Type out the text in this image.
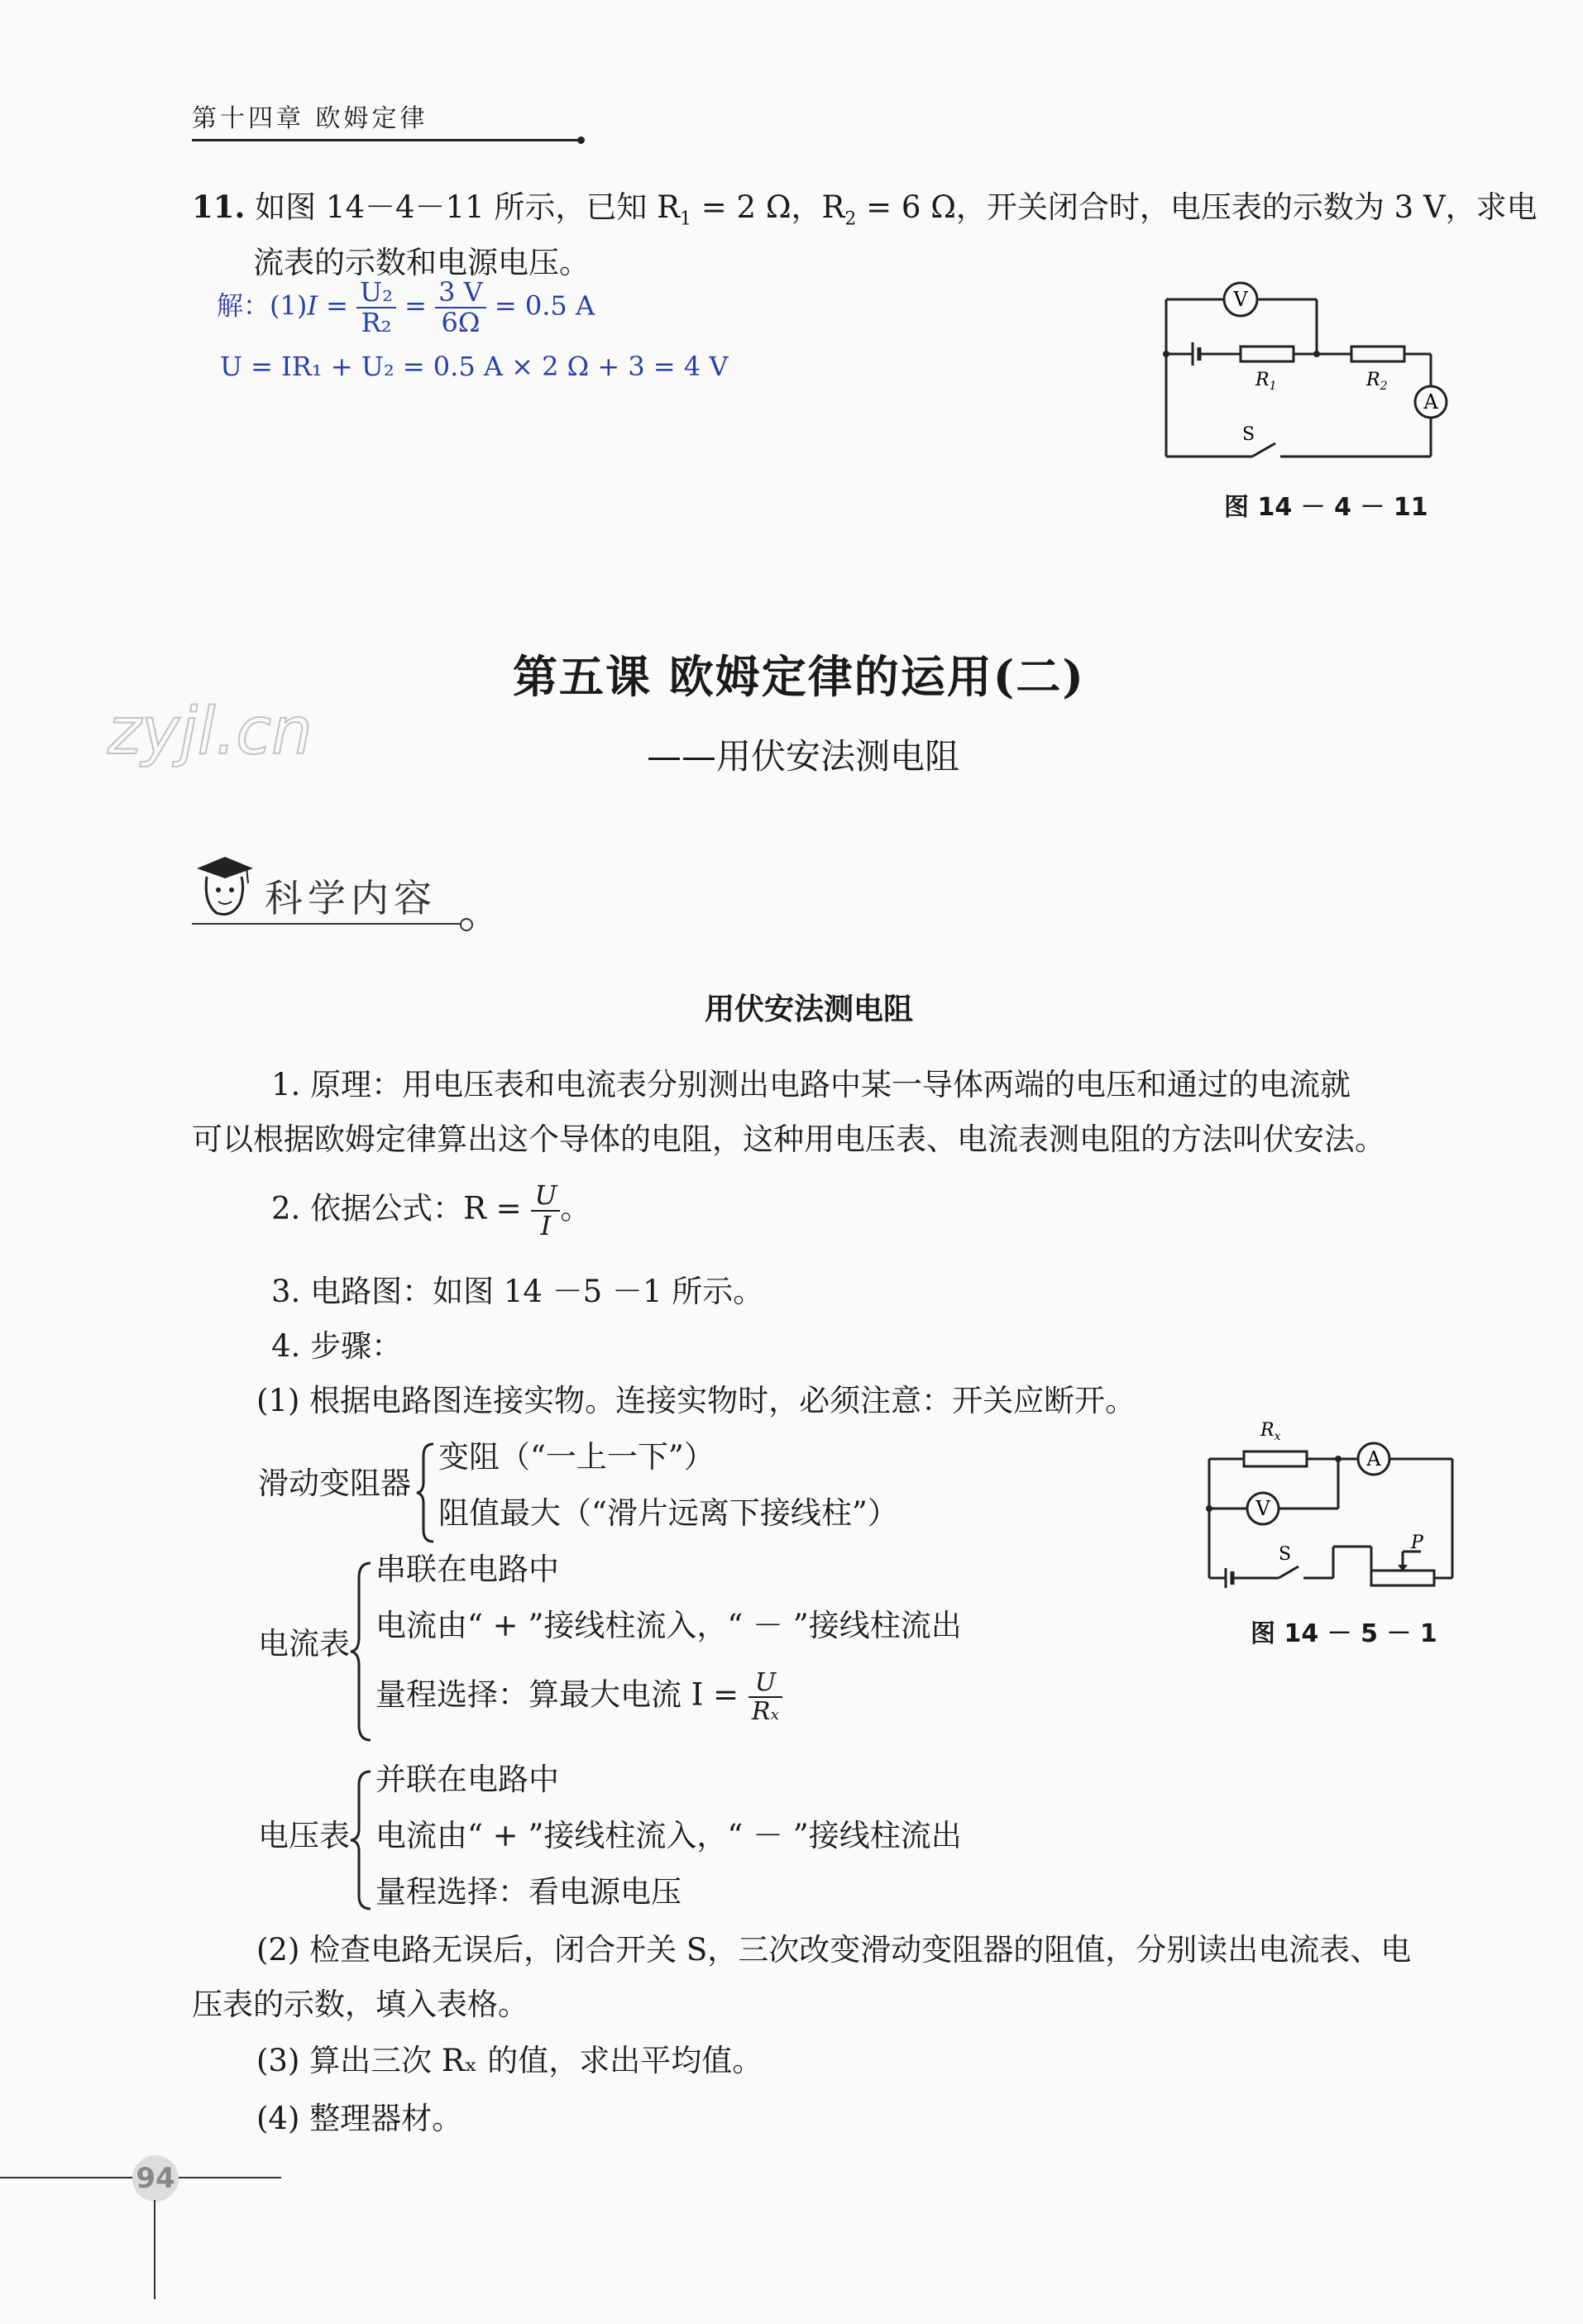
第十四章 欧姆定律
11. 如图 14－4－11 所示，已知 $R_1 = 2$ Ω，$R_2 = 6$ Ω，开关闭合时，电压表的示数为 3 V，求电
流表的示数和电源电压。
解：$(1)I = \frac{\text{U₂}}{\text{R₂}} = \frac{3 V}{6\Omega} = 0.5$ A
U = IR₁ + U₂ = 0.5 A × 2 Ω + 3 = 4 V
V
A
$R_1$	$R_2$
S
图 14 － 4 － 11
第五课 欧姆定律的运用(二)
——用伏安法测电阻
zyjl.cn
科学内容
用伏安法测电阻
1. 原理：用电压表和电流表分别测出电路中某一导体两端的电压和通过的电流就
可以根据欧姆定律算出这个导体的电阻，这种用电压表、电流表测电阻的方法叫伏安法。
2. 依据公式：$R = \frac{U}{I}$ 。
3. 电路图：如图 14 －5 －1 所示。
4. 步骤：
(1) 根据电路图连接实物。连接实物时，必须注意：开关应断开。
滑动变阻器
变阻（“一上一下”）
阻值最大（“滑片远离下接线柱”）
电流表
串联在电路中
电流由“ + ”接线柱流入，“ － ”接线柱流出
量程选择：算最大电流 $I = \frac{U}{\text{Rₓ}}$
电压表
并联在电路中
电流由“ + ”接线柱流入，“ － ”接线柱流出
量程选择：看电源电压
(2) 检查电路无误后，闭合开关 S，三次改变滑动变阻器的阻值，分别读出电流表、电
压表的示数，填入表格。
(3) 算出三次 Rₓ 的值，求出平均值。
(4) 整理器材。
A
V
$R_x$
S
P
图 14 － 5 － 1
94
